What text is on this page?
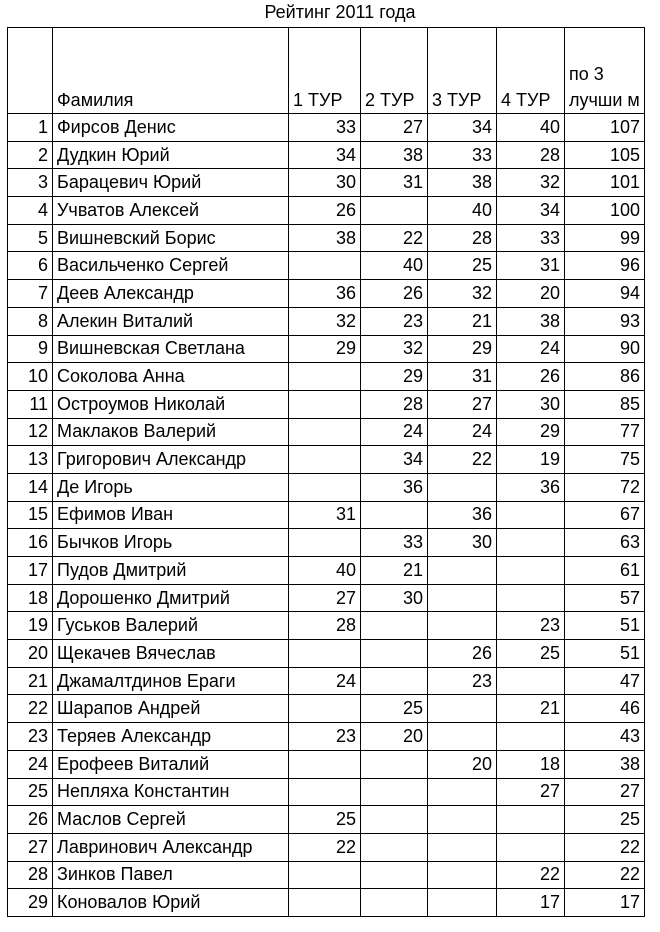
Рейтинг 2011 года
	Фамилия	1 ТУР	2 ТУР	3 ТУР	4 ТУР	по 3 лучши м
1	Фирсов Денис	33	27	34	40	107
2	Дудкин Юрий	34	38	33	28	105
3	Барацевич Юрий	30	31	38	32	101
4	Учватов Алексей	26		40	34	100
5	Вишневский Борис	38	22	28	33	99
6	Васильченко Сергей		40	25	31	96
7	Деев Александр	36	26	32	20	94
8	Алекин Виталий	32	23	21	38	93
9	Вишневская Светлана	29	32	29	24	90
10	Соколова Анна		29	31	26	86
11	Остроумов Николай		28	27	30	85
12	Маклаков Валерий		24	24	29	77
13	Григорович Александр		34	22	19	75
14	Де Игорь		36		36	72
15	Ефимов Иван	31		36		67
16	Бычков Игорь		33	30		63
17	Пудов Дмитрий	40	21			61
18	Дорошенко Дмитрий	27	30			57
19	Гуськов Валерий	28			23	51
20	Щекачев Вячеслав			26	25	51
21	Джамалтдинов Ераги	24		23		47
22	Шарапов Андрей		25		21	46
23	Теряев Александр	23	20			43
24	Ерофеев Виталий			20	18	38
25	Непляха Константин				27	27
26	Маслов Сергей	25				25
27	Лавринович Александр	22				22
28	Зинков Павел				22	22
29	Коновалов Юрий				17	17
